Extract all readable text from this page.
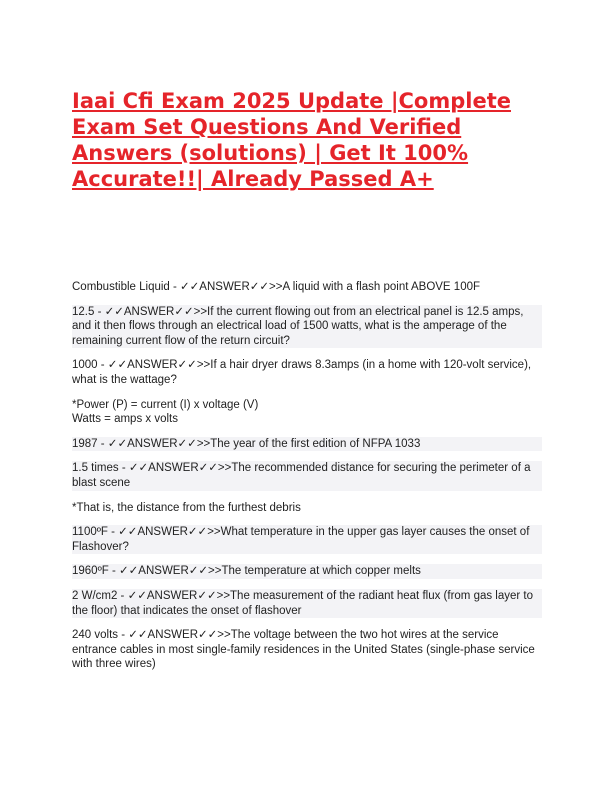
Iaai Cfi Exam 2025 Update |Complete Exam Set Questions And Verified Answers (solutions) | Get It 100% Accurate!!| Already Passed A+

Combustible Liquid - ✓✓ANSWER✓✓>>A liquid with a flash point ABOVE 100F

12.5 - ✓✓ANSWER✓✓>>If the current flowing out from an electrical panel is 12.5 amps, and it then flows through an electrical load of 1500 watts, what is the amperage of the remaining current flow of the return circuit?

1000 - ✓✓ANSWER✓✓>>If a hair dryer draws 8.3amps (in a home with 120-volt service), what is the wattage?

*Power (P) = current (I) x voltage (V)
Watts = amps x volts

1987 - ✓✓ANSWER✓✓>>The year of the first edition of NFPA 1033

1.5 times - ✓✓ANSWER✓✓>>The recommended distance for securing the perimeter of a blast scene

*That is, the distance from the furthest debris

1100ºF - ✓✓ANSWER✓✓>>What temperature in the upper gas layer causes the onset of Flashover?

1960ºF - ✓✓ANSWER✓✓>>The temperature at which copper melts

2 W/cm2 - ✓✓ANSWER✓✓>>The measurement of the radiant heat flux (from gas layer to the floor) that indicates the onset of flashover

240 volts - ✓✓ANSWER✓✓>>The voltage between the two hot wires at the service entrance cables in most single-family residences in the United States (single-phase service with three wires)
